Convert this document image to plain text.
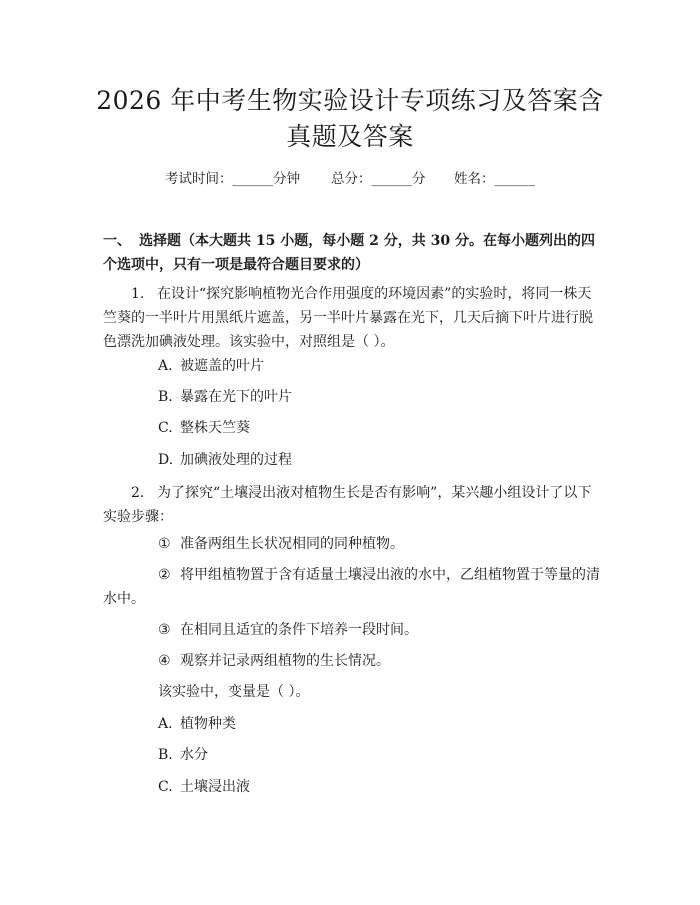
2026 年中考生物实验设计专项练习及答案含
真题及答案
考试时间：______分钟 总分：______分 姓名：______
一、 选择题（本大题共 15 小题，每小题 2 分，共 30 分。在每小题列出的四个选项中，只有一项是最符合题目要求的）
1. 在设计“探究影响植物光合作用强度的环境因素”的实验时，将同一株天竺葵的一半叶片用黑纸片遮盖，另一半叶片暴露在光下，几天后摘下叶片进行脱色漂洗加碘液处理。该实验中，对照组是（ ）。
A. 被遮盖的叶片
B. 暴露在光下的叶片
C. 整株天竺葵
D. 加碘液处理的过程
2. 为了探究“土壤浸出液对植物生长是否有影响”，某兴趣小组设计了以下实验步骤：
① 准备两组生长状况相同的同种植物。
② 将甲组植物置于含有适量土壤浸出液的水中，乙组植物置于等量的清水中。
③ 在相同且适宜的条件下培养一段时间。
④ 观察并记录两组植物的生长情况。
该实验中，变量是（ ）。
A. 植物种类
B. 水分
C. 土壤浸出液
